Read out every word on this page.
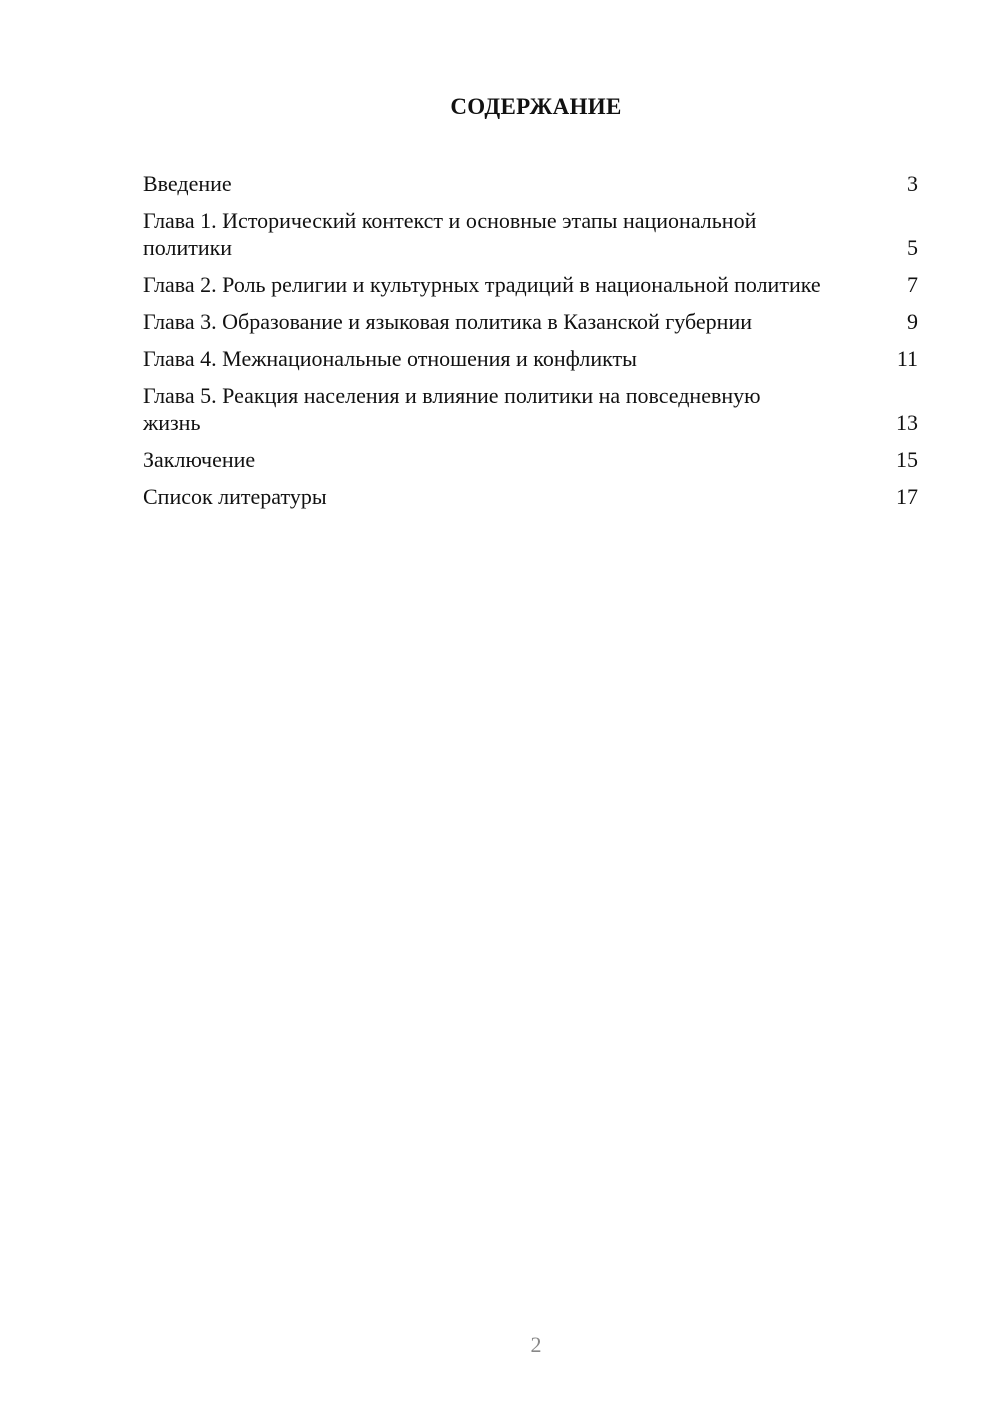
СОДЕРЖАНИЕ
Введение	3
Глава 1. Исторический контекст и основные этапы национальной политики	5
Глава 2. Роль религии и культурных традиций в национальной политике	7
Глава 3. Образование и языковая политика в Казанской губернии	9
Глава 4. Межнациональные отношения и конфликты	11
Глава 5. Реакция населения и влияние политики на повседневную жизнь	13
Заключение	15
Список литературы	17
2
